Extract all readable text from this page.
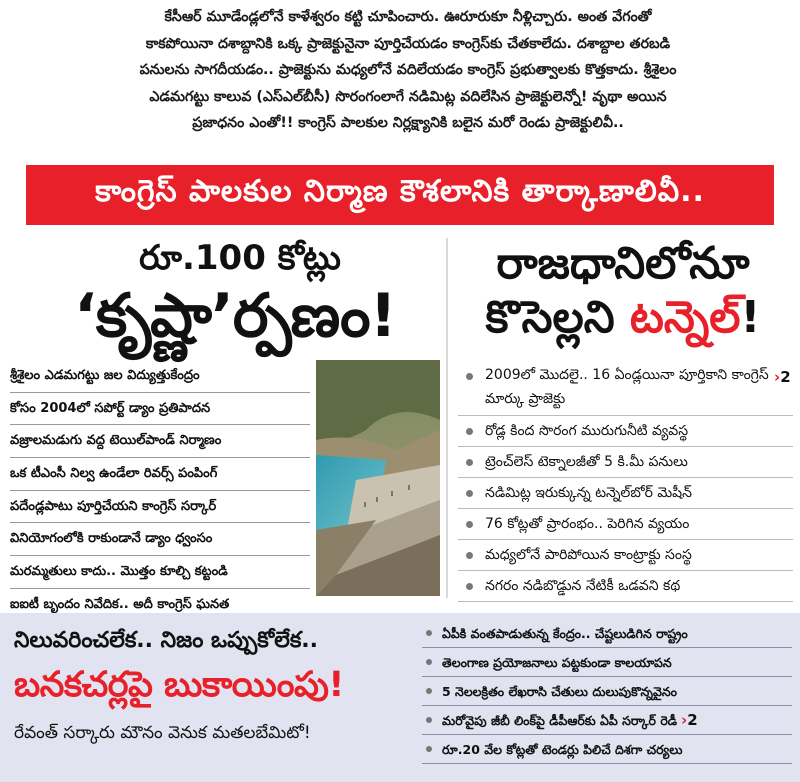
కేసీఆర్ మూడేండ్లలోనే కాళేశ్వరం కట్టి చూపించారు. ఊరూరుకూ నీళ్లిచ్చారు. అంత వేగంతో
కాకపోయినా దశాబ్దానికి ఒక్క ప్రాజెక్టునైనా పూర్తిచేయడం కాంగ్రెస్‌కు చేతకాలేదు. దశాబ్దాల తరబడి
పనులను సాగదీయడం.. ప్రాజెక్టును మధ్యలోనే వదిలేయడం కాంగ్రెస్ ప్రభుత్వాలకు కొత్తకాదు. శ్రీశైలం
ఎడమగట్టు కాలువ (ఎస్ఎల్‌బీసీ) సొరంగంలాగే నడిమిట్ల వదిలేసిన ప్రాజెక్టులెన్నో! వృథా అయిన
ప్రజాధనం ఎంతో!! కాంగ్రెస్ పాలకుల నిర్లక్ష్యానికి బలైన మరో రెండు ప్రాజెక్టులివీ..
కాంగ్రెస్ పాలకుల నిర్మాణ కౌశలానికి తార్కాణాలివీ..
రూ.100 కోట్లు
‘కృష్ణా’ర్పణం!
శ్రీశైలం ఎడమగట్టు జల విద్యుత్తుకేంద్రం
కోసం 2004లో సపోర్ట్ డ్యాం ప్రతిపాదన
వజ్రాలమడుగు వద్ద టెయిల్‌పాండ్ నిర్మాణం
ఒక టీఎంసీ నిల్వ ఉండేలా రివర్స్ పంపింగ్
పదేండ్లపాటు పూర్తిచేయని కాంగ్రెస్ సర్కార్
వినియోగంలోకి రాకుండానే డ్యాం ధ్వంసం
మరమ్మతులు కాదు.. మొత్తం కూల్చి కట్టండి
ఐఐటీ బృందం నివేదిక.. అదీ కాంగ్రెస్ ఘనత
రాజధానిలోనూ
కొసెల్లని టన్నెల్!
2009లో మొదలై.. 16 ఏండ్లయినా పూర్తికాని కాంగ్రెస్ మార్కు ప్రాజెక్టు
›2
రోడ్ల కింద సొరంగ మురుగునీటి వ్యవస్థ
ట్రెంచ్‌లెస్ టెక్నాలజీతో 5 కి.మీ పనులు
నడిమిట్ల ఇరుక్కున్న టన్నెల్‌బోర్ మెషీన్
76 కోట్లతో ప్రారంభం.. పెరిగిన వ్యయం
మధ్యలోనే పారిపోయిన కాంట్రాక్టు సంస్థ
నగరం నడిబొడ్డున నేటికీ ఒడవని కథ
నిలువరించలేక.. నిజం ఒప్పుకోలేక..
బనకచర్లపై బుకాయింపు!
రేవంత్ సర్కారు మౌనం వెనుక మతలబేమిటో!
ఏపీకి వంతపాడుతున్న కేంద్రం.. చేష్టలుడిగిన రాష్ట్రం
తెలంగాణ ప్రయోజనాలు పట్టకుండా కాలయాపన
5 నెలలక్రితం లేఖరాసి చేతులు దులుపుకొన్నవైనం
మరోవైపు జీబీ లింక్‌పై డీపీఆర్‌కు ఏపీ సర్కార్ రెడీ ›2
రూ.20 వేల కోట్లతో టెండర్లు పిలిచే దిశగా చర్యలు
